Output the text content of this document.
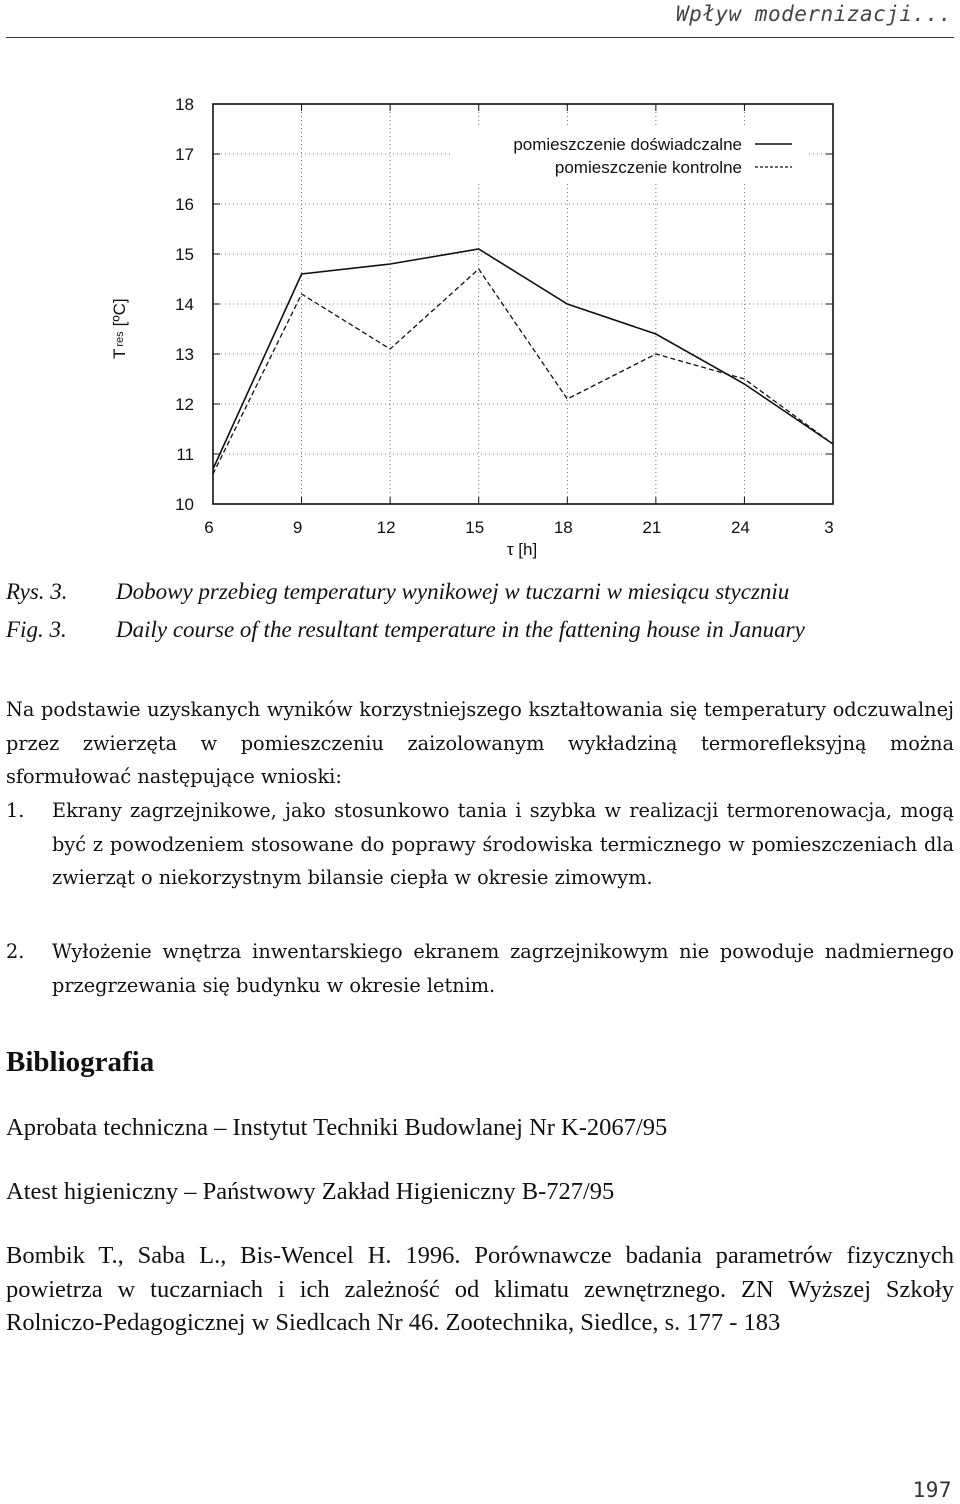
Wpływ modernizacji...
10
11
12
13
14
15
16
17
18
6	9	12	15	18	21	24	3
pomieszczenie doświadczalne
pomieszczenie kontrolne
Tres[ºC]
τ [h]
Rys. 3. Dobowy przebieg temperatury wynikowej w tuczarni w miesiącu styczniu
Fig. 3. Daily course of the resultant temperature in the fattening house in January
Na podstawie uzyskanych wyników korzystniejszego kształtowania się temperatury odczuwalnej przez zwierzęta w pomieszczeniu zaizolowanym wykładziną termorefleksyjną można sformułować następujące wnioski:
1.	Ekrany zagrzejnikowe, jako stosunkowo tania i szybka w realizacji termorenowacja, mogą być z powodzeniem stosowane do poprawy środowiska termicznego w pomieszczeniach dla zwierząt o niekorzystnym bilansie ciepła w okresie zimowym.
2.	Wyłożenie wnętrza inwentarskiego ekranem zagrzejnikowym nie powoduje nadmiernego przegrzewania się budynku w okresie letnim.
Bibliografia
Aprobata techniczna – Instytut Techniki Budowlanej Nr K-2067/95
Atest higieniczny – Państwowy Zakład Higieniczny B-727/95
Bombik T., Saba L., Bis-Wencel H. 1996. Porównawcze badania parametrów fizycznych powietrza w tuczarniach i ich zależność od klimatu zewnętrznego. ZN Wyższej Szkoły Rolniczo-Pedagogicznej w Siedlcach Nr 46. Zootechnika, Siedlce, s. 177 - 183
197
